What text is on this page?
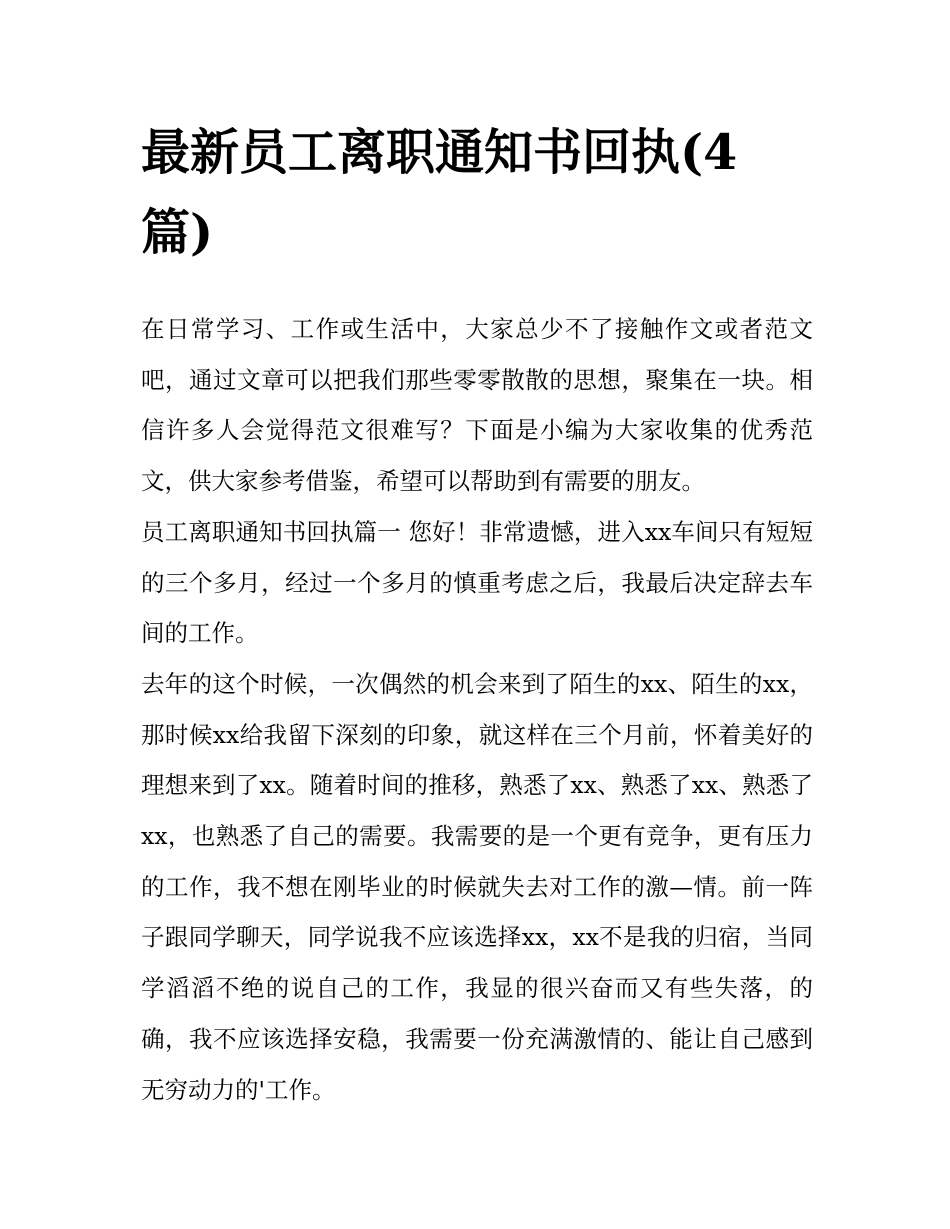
最新员工离职通知书回执(4篇)

在日常学习、工作或生活中，大家总少不了接触作文或者范文吧，通过文章可以把我们那些零零散散的思想，聚集在一块。相信许多人会觉得范文很难写？下面是小编为大家收集的优秀范文，供大家参考借鉴，希望可以帮助到有需要的朋友。

员工离职通知书回执篇一 您好！非常遗憾，进入xx车间只有短短的三个多月，经过一个多月的慎重考虑之后，我最后决定辞去车间的工作。

去年的这个时候，一次偶然的机会来到了陌生的xx、陌生的xx，那时候xx给我留下深刻的印象，就这样在三个月前，怀着美好的理想来到了xx。随着时间的推移，熟悉了xx、熟悉了xx、熟悉了xx，也熟悉了自己的需要。我需要的是一个更有竞争，更有压力的工作，我不想在刚毕业的时候就失去对工作的激—情。前一阵子跟同学聊天，同学说我不应该选择xx，xx不是我的归宿，当同学滔滔不绝的说自己的工作，我显的很兴奋而又有些失落，的确，我不应该选择安稳，我需要一份充满激情的、能让自己感到无穷动力的'工作。
